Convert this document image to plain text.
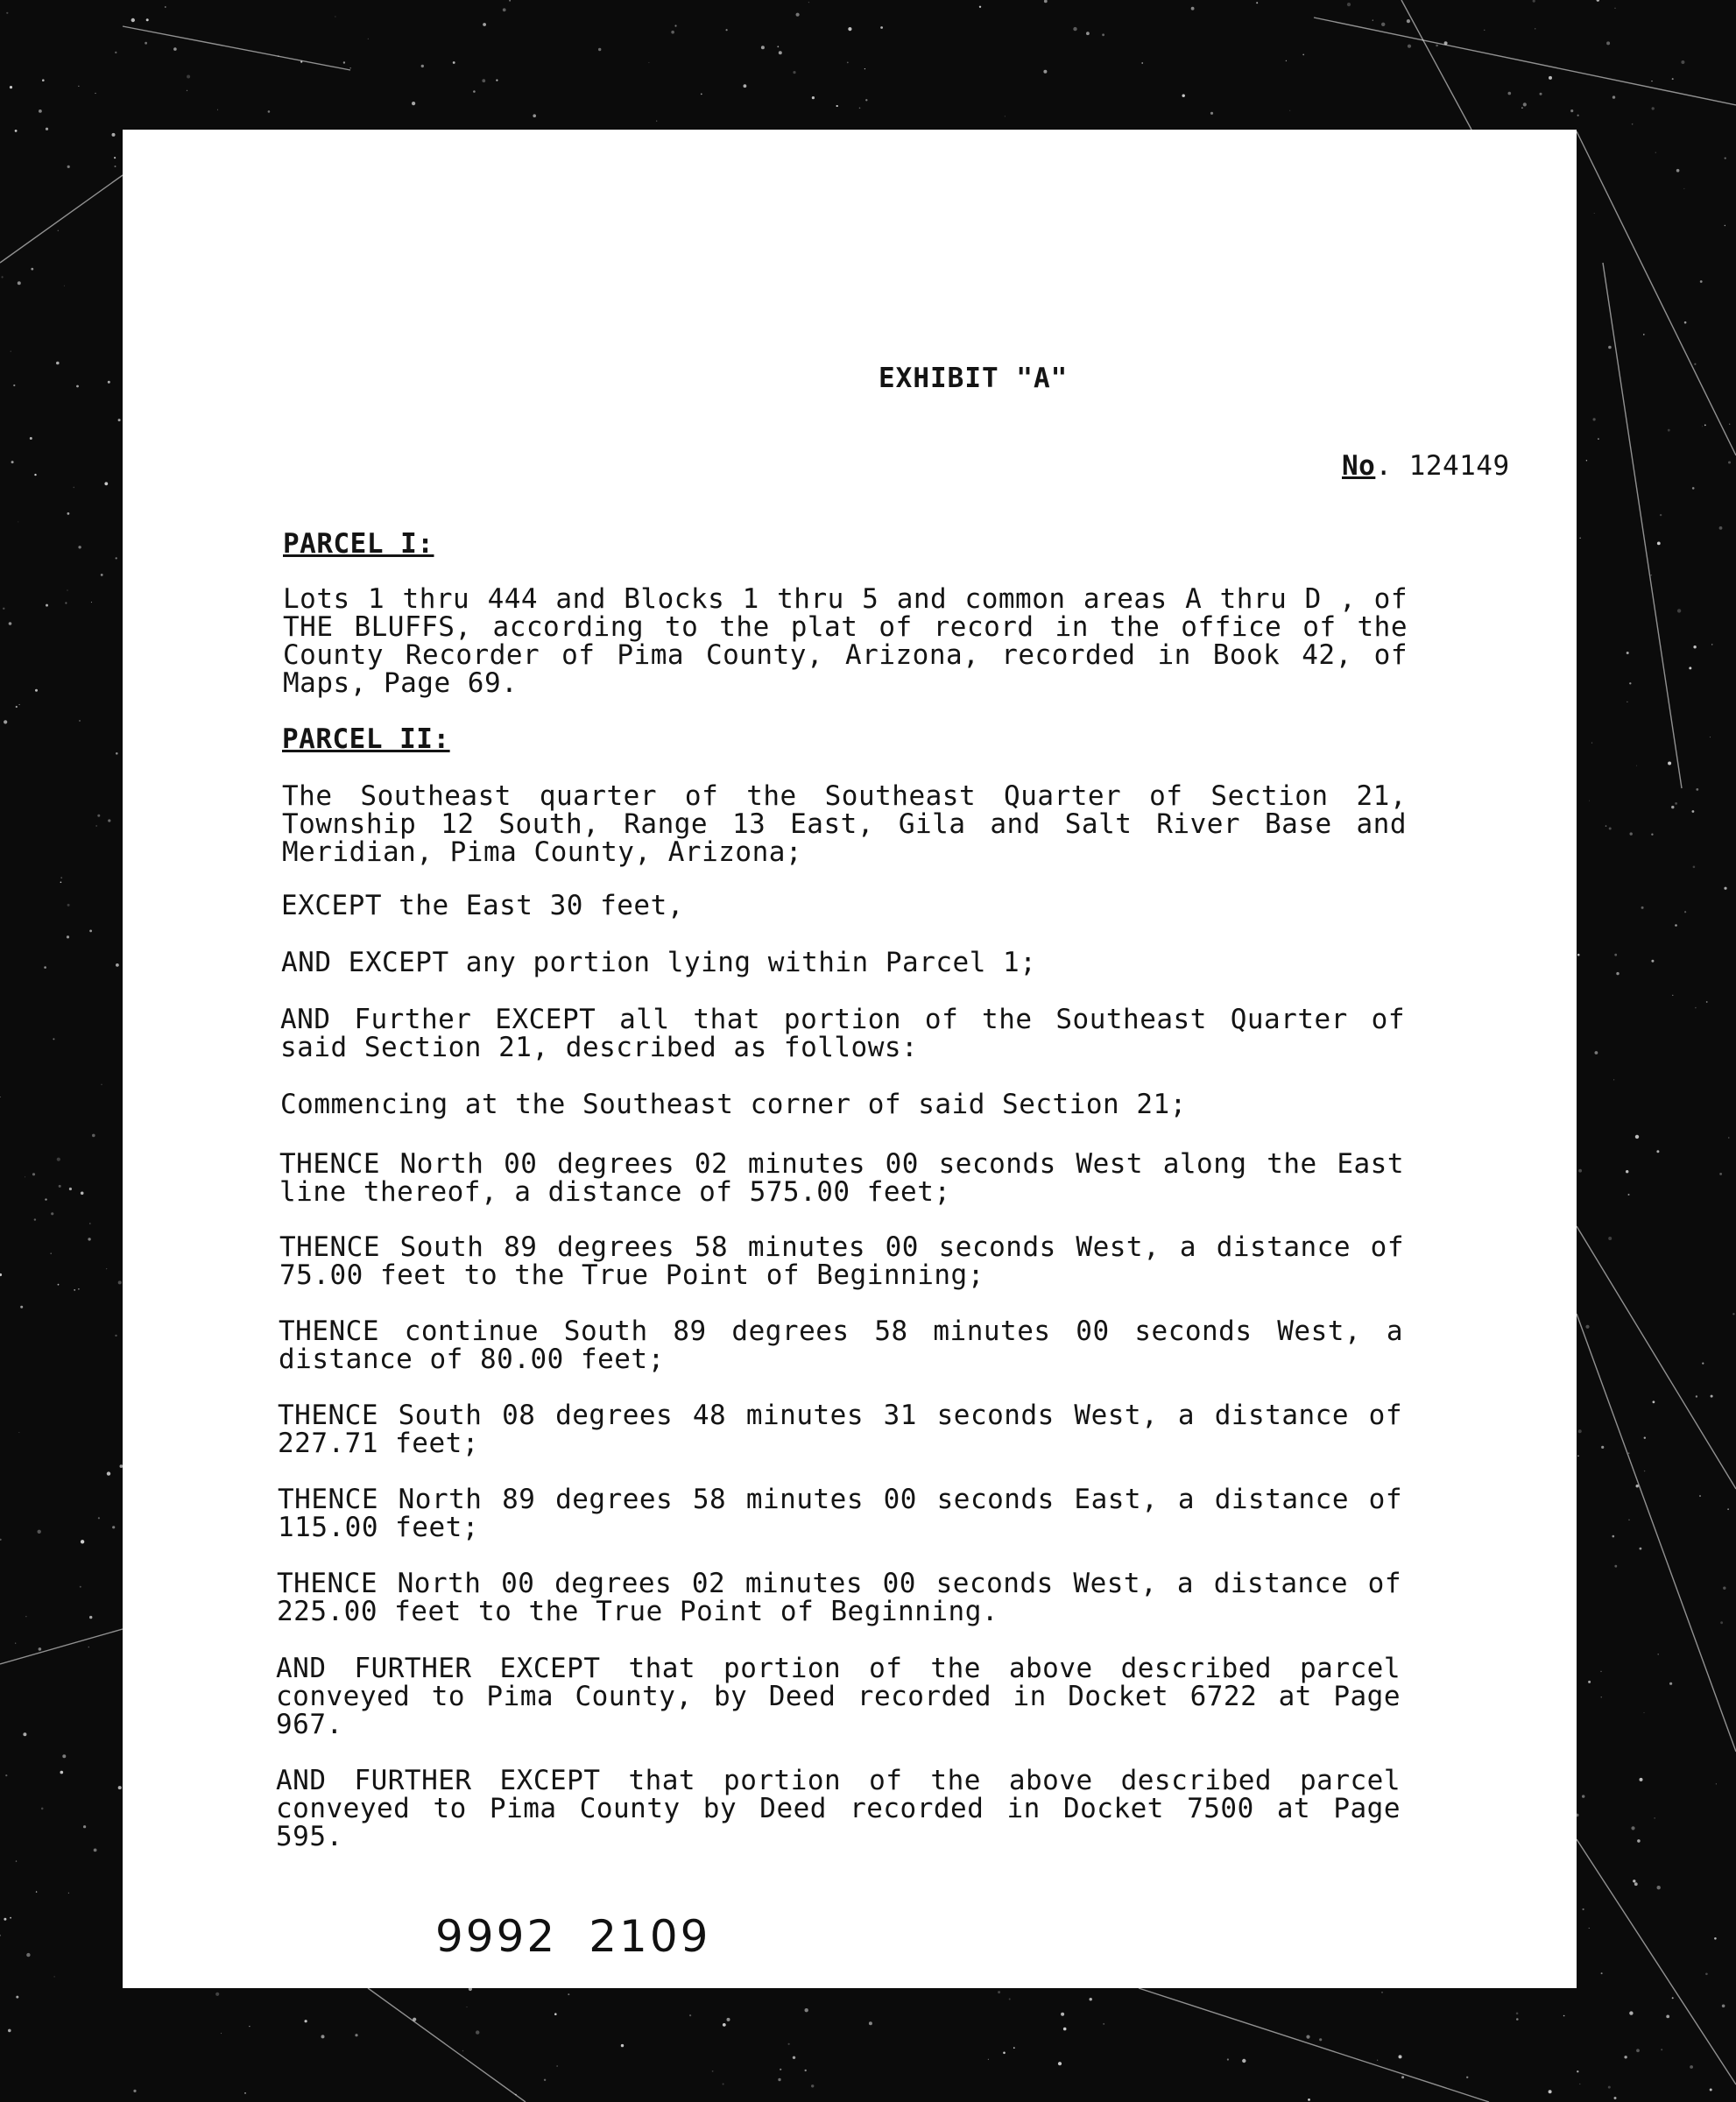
EXHIBIT "A"
No. 124149
PARCEL I:
Lots 1 thru 444 and Blocks 1 thru 5 and common areas A thru D , of THE BLUFFS, according to the plat of record in the office of the County Recorder of Pima County, Arizona, recorded in Book 42, of Maps, Page 69.
PARCEL II:
The Southeast quarter of the Southeast Quarter of Section 21, Township 12 South, Range 13 East, Gila and Salt River Base and Meridian, Pima County, Arizona;
EXCEPT the East 30 feet,
AND EXCEPT any portion lying within Parcel 1;
AND Further EXCEPT all that portion of the Southeast Quarter of said Section 21, described as follows:
Commencing at the Southeast corner of said Section 21;
THENCE North 00 degrees 02 minutes 00 seconds West along the East line thereof, a distance of 575.00 feet;
THENCE South 89 degrees 58 minutes 00 seconds West, a distance of 75.00 feet to the True Point of Beginning;
THENCE continue South 89 degrees 58 minutes 00 seconds West, a distance of 80.00 feet;
THENCE South 08 degrees 48 minutes 31 seconds West, a distance of 227.71 feet;
THENCE North 89 degrees 58 minutes 00 seconds East, a distance of 115.00 feet;
THENCE North 00 degrees 02 minutes 00 seconds West, a distance of 225.00 feet to the True Point of Beginning.
AND FURTHER EXCEPT that portion of the above described parcel conveyed to Pima County, by Deed recorded in Docket 6722 at Page 967.
AND FURTHER EXCEPT that portion of the above described parcel conveyed to Pima County by Deed recorded in Docket 7500 at Page 595.
9992 2109
